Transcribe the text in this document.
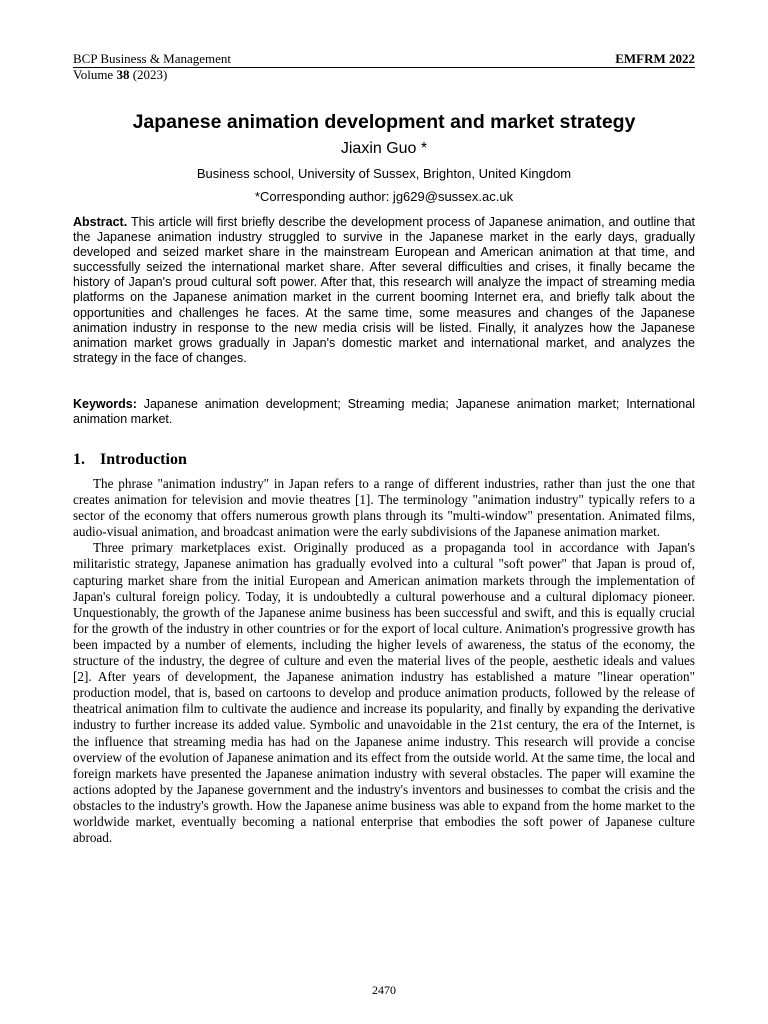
BCP Business & Management	EMFRM 2022
Volume 38 (2023)
Japanese animation development and market strategy
Jiaxin Guo *
Business school, University of Sussex, Brighton, United Kingdom
*Corresponding author: jg629@sussex.ac.uk

Abstract. This article will first briefly describe the development process of Japanese animation, and outline that the Japanese animation industry struggled to survive in the Japanese market in the early days, gradually developed and seized market share in the mainstream European and American animation at that time, and successfully seized the international market share. After several difficulties and crises, it finally became the history of Japan's proud cultural soft power. After that, this research will analyze the impact of streaming media platforms on the Japanese animation market in the current booming Internet era, and briefly talk about the opportunities and challenges he faces. At the same time, some measures and changes of the Japanese animation industry in response to the new media crisis will be listed. Finally, it analyzes how the Japanese animation market grows gradually in Japan's domestic market and international market, and analyzes the strategy in the face of changes.

Keywords: Japanese animation development; Streaming media; Japanese animation market; International animation market.

1. Introduction

The phrase "animation industry" in Japan refers to a range of different industries, rather than just the one that creates animation for television and movie theatres [1]. The terminology "animation industry" typically refers to a sector of the economy that offers numerous growth plans through its "multi-window" presentation. Animated films, audio-visual animation, and broadcast animation were the early subdivisions of the Japanese animation market.

Three primary marketplaces exist. Originally produced as a propaganda tool in accordance with Japan's militaristic strategy, Japanese animation has gradually evolved into a cultural "soft power" that Japan is proud of, capturing market share from the initial European and American animation markets through the implementation of Japan's cultural foreign policy. Today, it is undoubtedly a cultural powerhouse and a cultural diplomacy pioneer. Unquestionably, the growth of the Japanese anime business has been successful and swift, and this is equally crucial for the growth of the industry in other countries or for the export of local culture. Animation's progressive growth has been impacted by a number of elements, including the higher levels of awareness, the status of the economy, the structure of the industry, the degree of culture and even the material lives of the people, aesthetic ideals and values [2]. After years of development, the Japanese animation industry has established a mature "linear operation" production model, that is, based on cartoons to develop and produce animation products, followed by the release of theatrical animation film to cultivate the audience and increase its popularity, and finally by expanding the derivative industry to further increase its added value. Symbolic and unavoidable in the 21st century, the era of the Internet, is the influence that streaming media has had on the Japanese anime industry. This research will provide a concise overview of the evolution of Japanese animation and its effect from the outside world. At the same time, the local and foreign markets have presented the Japanese animation industry with several obstacles. The paper will examine the actions adopted by the Japanese government and the industry's inventors and businesses to combat the crisis and the obstacles to the industry's growth. How the Japanese anime business was able to expand from the home market to the worldwide market, eventually becoming a national enterprise that embodies the soft power of Japanese culture abroad.

2470
